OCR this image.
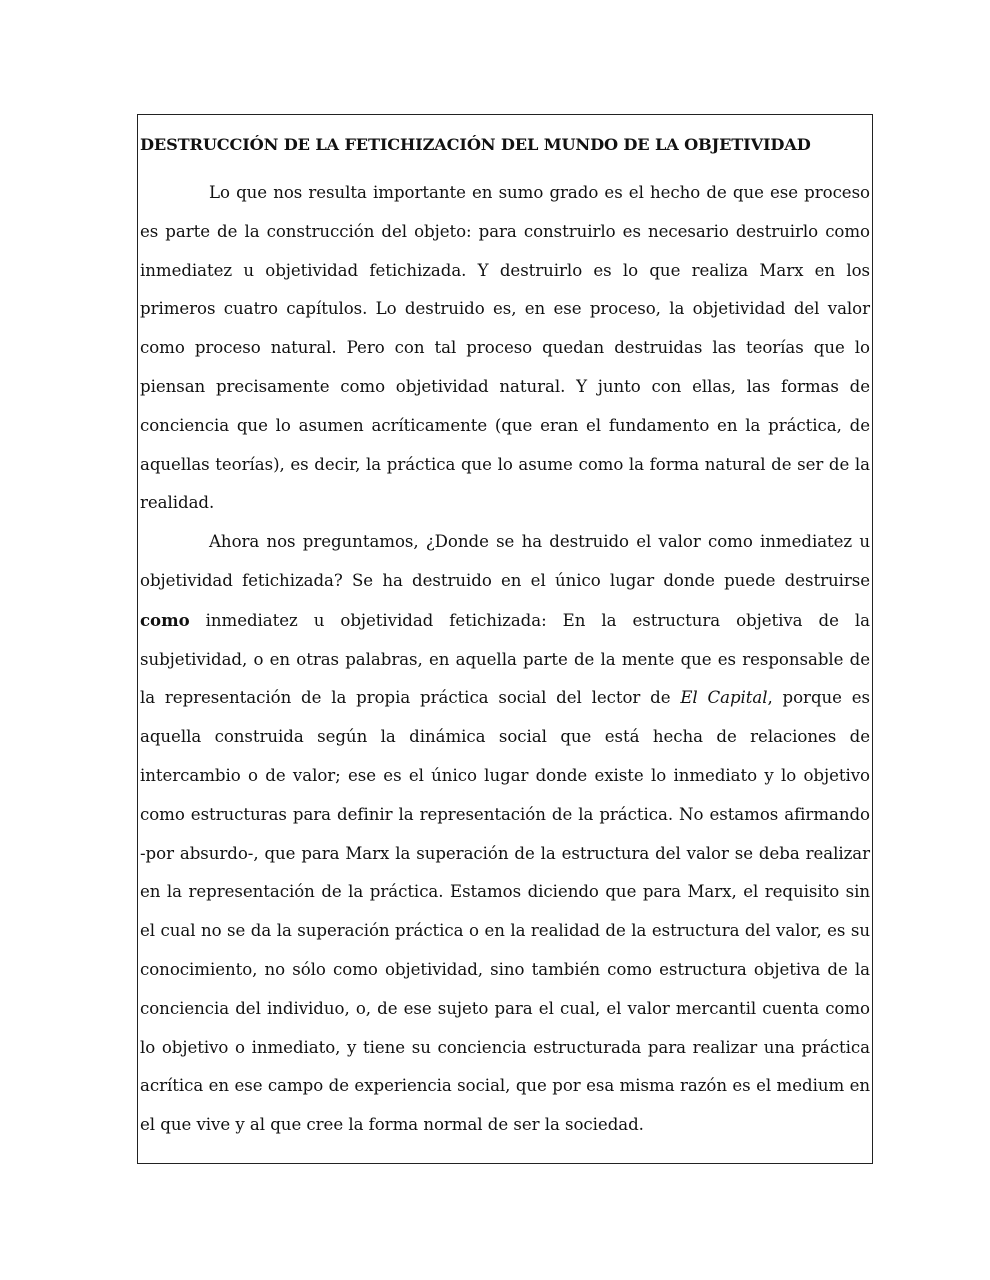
DESTRUCCIÓN DE LA FETICHIZACIÓN DEL MUNDO DE LA OBJETIVIDAD

Lo que nos resulta importante en sumo grado es el hecho de que ese proceso es parte de la construcción del objeto: para construirlo es necesario destruirlo como inmediatez u objetividad fetichizada. Y destruirlo es lo que realiza Marx en los primeros cuatro capítulos. Lo destruido es, en ese proceso, la objetividad del valor como proceso natural. Pero con tal proceso quedan destruidas las teorías que lo piensan precisamente como objetividad natural. Y junto con ellas, las formas de conciencia que lo asumen acríticamente (que eran el fundamento en la práctica, de aquellas teorías), es decir, la práctica que lo asume como la forma natural de ser de la realidad.

Ahora nos preguntamos, ¿Donde se ha destruido el valor como inmediatez u objetividad fetichizada? Se ha destruido en el único lugar donde puede destruirse como inmediatez u objetividad fetichizada: En la estructura objetiva de la subjetividad, o en otras palabras, en aquella parte de la mente que es responsable de la representación de la propia práctica social del lector de El Capital, porque es aquella construida según la dinámica social que está hecha de relaciones de intercambio o de valor; ese es el único lugar donde existe lo inmediato y lo objetivo como estructuras para definir la representación de la práctica. No estamos afirmando -por absurdo-, que para Marx la superación de la estructura del valor se deba realizar en la representación de la práctica. Estamos diciendo que para Marx, el requisito sin el cual no se da la superación práctica o en la realidad de la estructura del valor, es su conocimiento, no sólo como objetividad, sino también como estructura objetiva de la conciencia del individuo, o, de ese sujeto para el cual, el valor mercantil cuenta como lo objetivo o inmediato, y tiene su conciencia estructurada para realizar una práctica acrítica en ese campo de experiencia social, que por esa misma razón es el medium en el que vive y al que cree la forma normal de ser la sociedad.
